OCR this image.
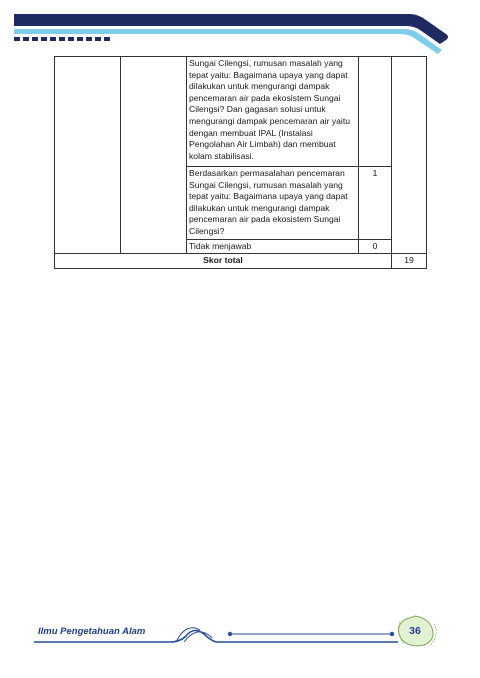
		Sungai Cilengsi, rumusan masalah yang tepat yaitu: Bagaimana upaya yang dapat dilakukan untuk mengurangi dampak pencemaran air pada ekosistem Sungai Cilengsi? Dan gagasan solusi untuk mengurangi dampak pencemaran air yaitu dengan membuat IPAL (Instalasi Pengolahan Air Limbah) dan membuat kolam stabilisasi.		
		Berdasarkan permasalahan pencemaran Sungai Cilengsi, rumusan masalah yang tepat yaitu: Bagaimana upaya yang dapat dilakukan untuk mengurangi dampak pencemaran air pada ekosistem Sungai Cilengsi?	1	
		Tidak menjawab	0	
Skor total				19
Ilmu Pengetahuan Alam	36
